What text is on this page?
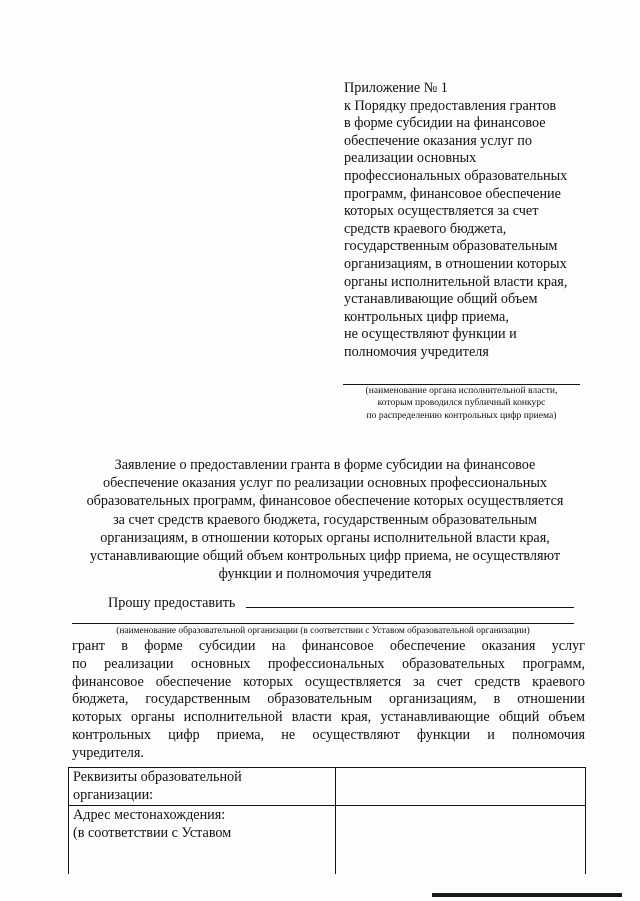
Приложение № 1
к Порядку предоставления грантов
в форме субсидии на финансовое
обеспечение оказания услуг по
реализации основных
профессиональных образовательных
программ, финансовое обеспечение
которых осуществляется за счет
средств краевого бюджета,
государственным образовательным
организациям, в отношении которых
органы исполнительной власти края,
устанавливающие общий объем
контрольных цифр приема,
не осуществляют функции и
полномочия учредителя
(наименование органа исполнительной власти,
которым проводился публичный конкурс
по распределению контрольных цифр приема)
Заявление о предоставлении гранта в форме субсидии на финансовое
обеспечение оказания услуг по реализации основных профессиональных
образовательных программ, финансовое обеспечение которых осуществляется
за счет средств краевого бюджета, государственным образовательным
организациям, в отношении которых органы исполнительной власти края,
устанавливающие общий объем контрольных цифр приема, не осуществляют
функции и полномочия учредителя
Прошу предоставить
(наименование образовательной организации (в соответствии с Уставом образовательной организации)
грант в форме субсидии на финансовое обеспечение оказания услуг
по реализации основных профессиональных образовательных программ,
финансовое обеспечение которых осуществляется за счет средств краевого
бюджета, государственным образовательным организациям, в отношении
которых органы исполнительной власти края, устанавливающие общий объем
контрольных цифр приема, не осуществляют функции и полномочия
учредителя.
Реквизиты образовательной
организации:	

Адрес местонахождения:
(в соответствии с Уставом	
